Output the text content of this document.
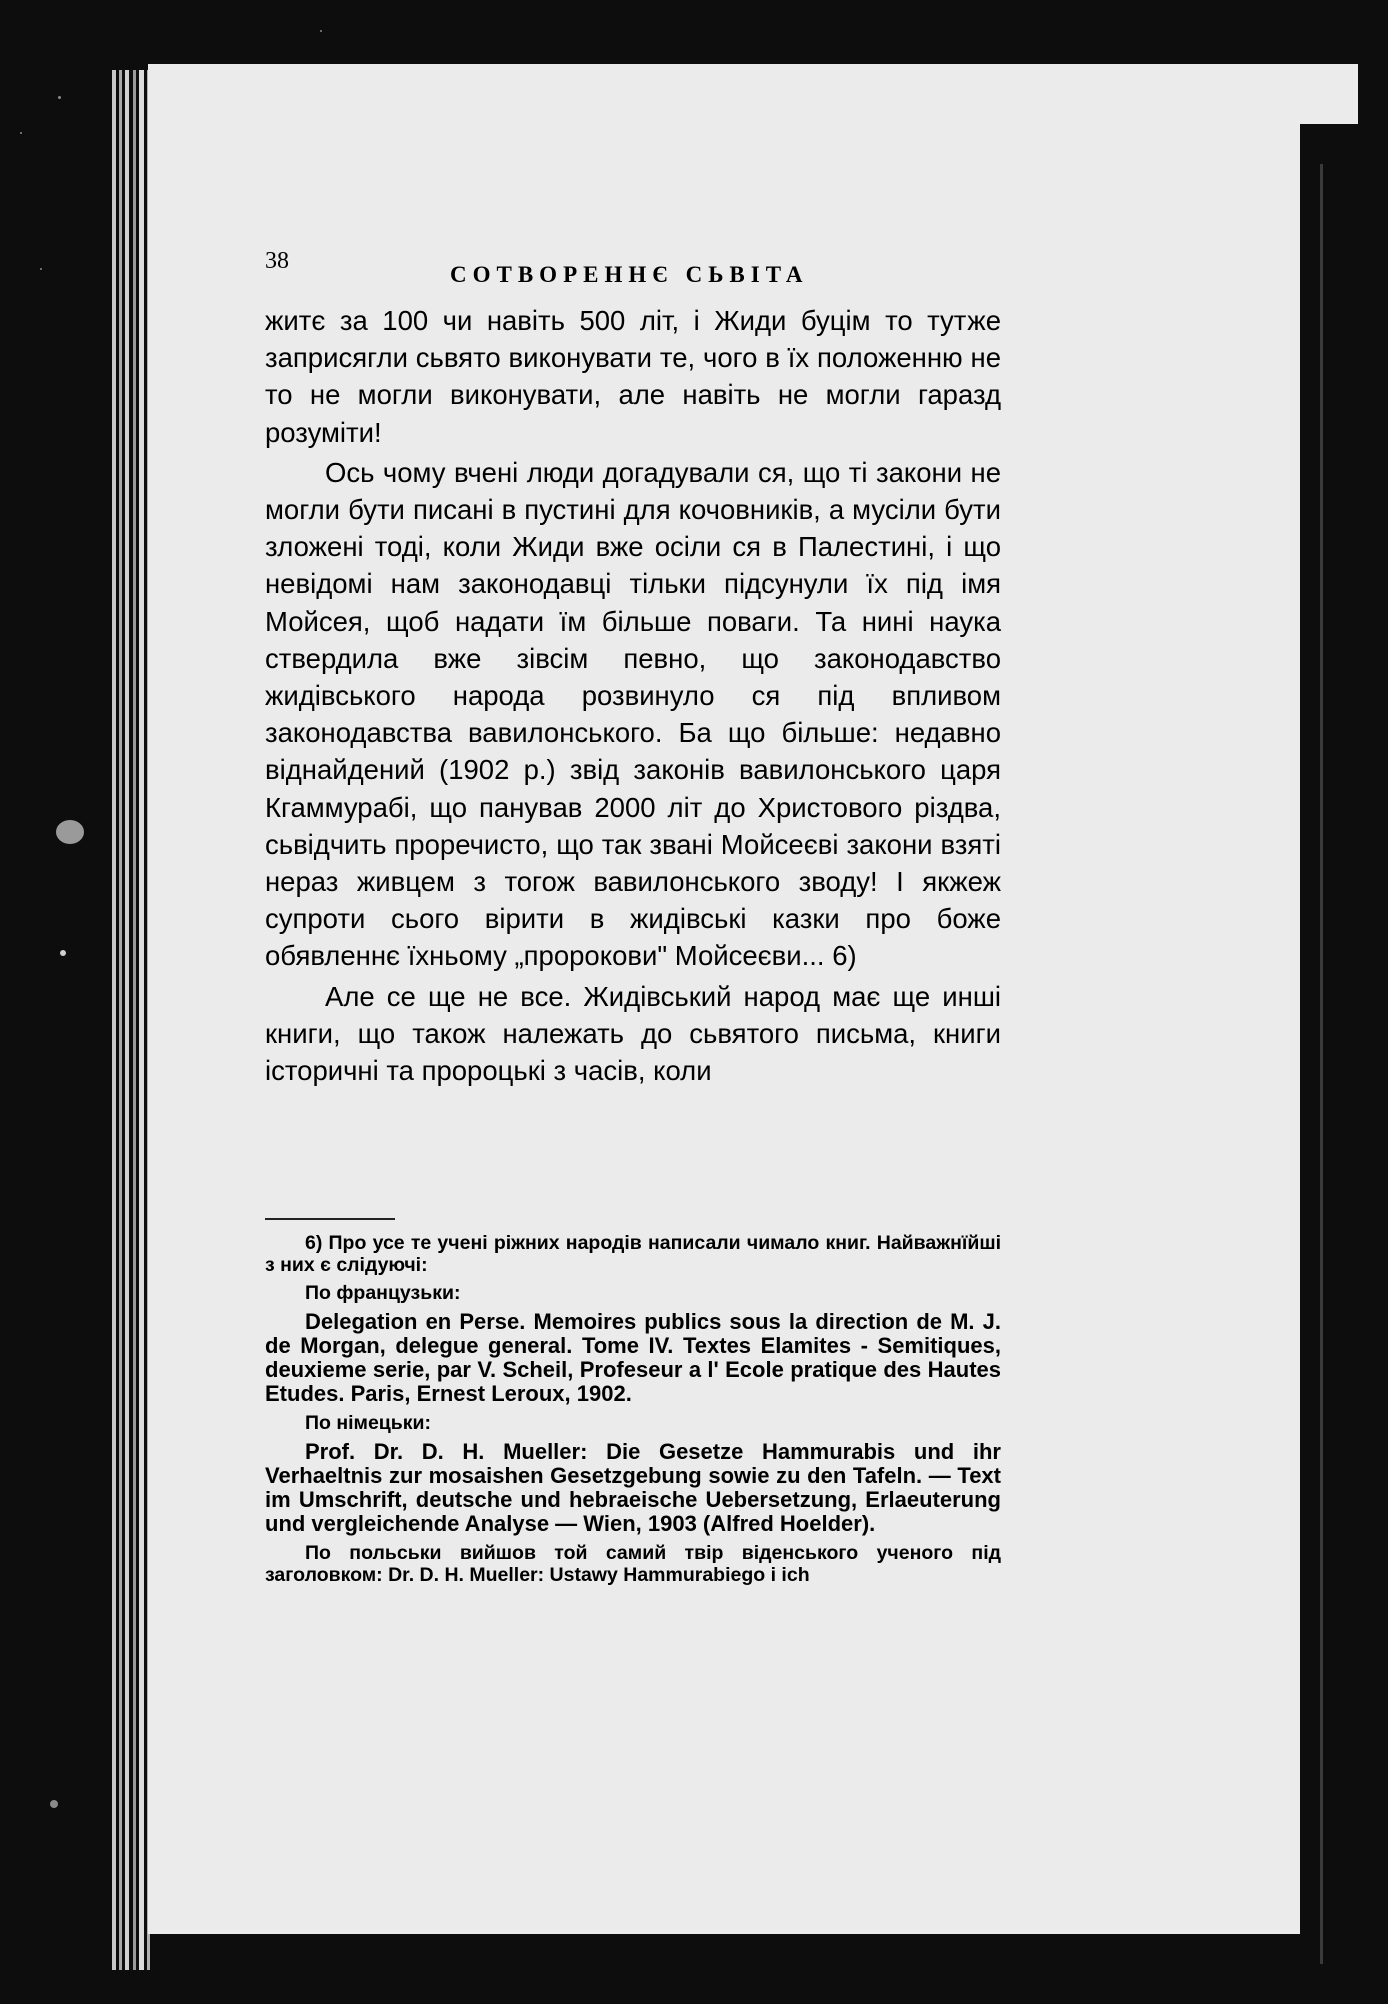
38
СОТВОРЕННЄ СЬВІТА

житє за 100 чи навіть 500 літ, і Жиди буцім то тутже заприсягли сьвято виконувати те, чого в їх положенню не то не могли виконувати, але навіть не могли гаразд розуміти!

Ось чому вчені люди догадували ся, що ті закони не могли бути писані в пустині для кочовників, а мусіли бути зложені тоді, коли Жиди вже осіли ся в Палестині, і що невідомі нам законодавці тільки підсунули їх під імя Мойсея, щоб надати їм більше поваги. Та нині наука ствердила вже зівсім певно, що законодавство жидівського народа розвинуло ся під впливом законодавства вавилонського. Ба що більше: недавно віднайдений (1902 р.) звід законів вавилонського царя Кгаммурабі, що панував 2000 літ до Христового різдва, сьвідчить проречисто, що так звані Мойсеєві закони взяті нераз живцем з тогож вавилонського зводу! І якжеж супроти сього вірити в жидівські казки про боже обявленнє їхньому „пророкови" Мойсеєви... 6)

Але се ще не все. Жидівський народ має ще инші книги, що також належать до сьвятого письма, книги історичні та пророцькі з часів, коли

6) Про усе те учені ріжних народів написали чимало книг. Найважнїйші з них є слідуючі:

По французьки:

Delegation en Perse. Memoires publics sous la direction de M. J. de Morgan, delegue general. Tome IV. Textes Elamites - Semitiques, deuxieme serie, par V. Scheil, Profeseur a l' Ecole pratique des Hautes Etudes. Paris, Ernest Leroux, 1902.

По німецьки:

Prof. Dr. D. H. Mueller: Die Gesetze Hammurabis und ihr Verhaeltnis zur mosaishen Gesetzgebung sowie zu den Tafeln. — Text im Umschrift, deutsche und hebraeische Uebersetzung, Erlaeuterung und vergleichende Analyse — Wien, 1903 (Alfred Hoelder).

По польськи вийшов той самий твір віденського ученого під заголовком: Dr. D. H. Mueller: Ustawy Hammurabiego i ich
